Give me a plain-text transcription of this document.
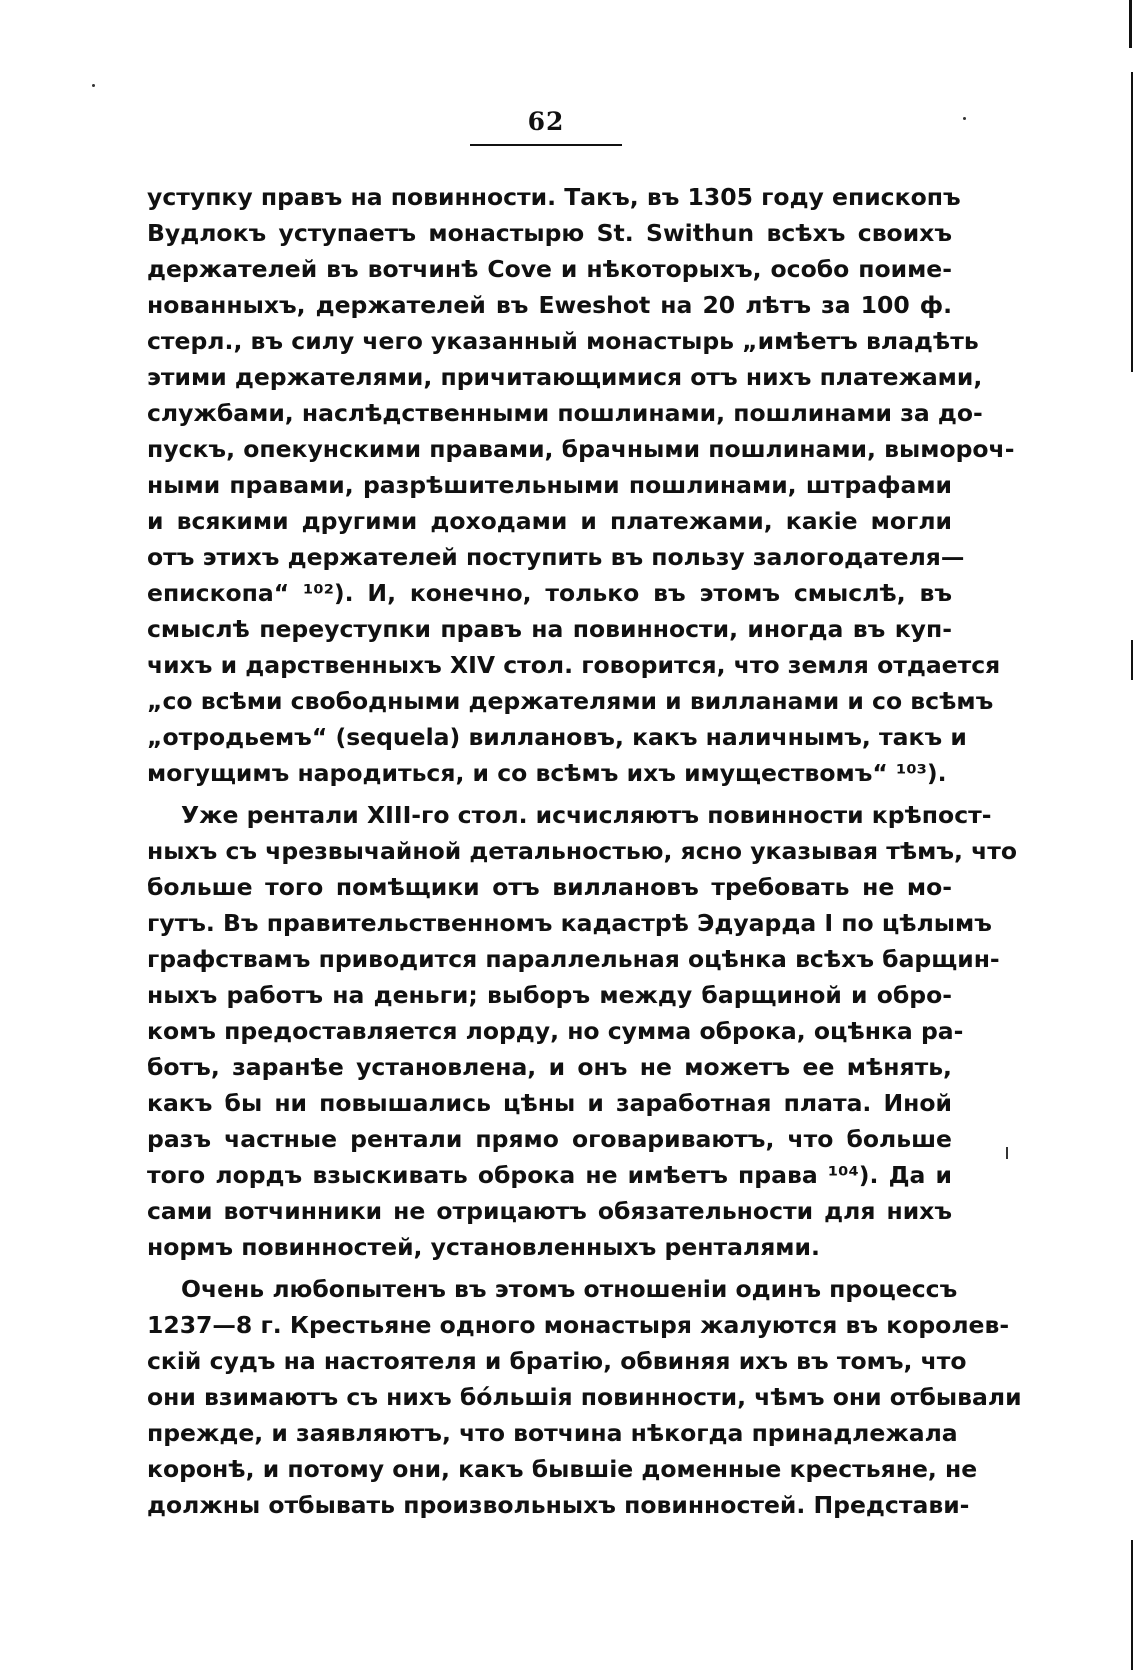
62
уступку правъ на повинности. Такъ, въ 1305 году епископъ
Вудлокъ уступаетъ монастырю St. Swithun всѣхъ своихъ
держателей въ вотчинѣ Cove и нѣкоторыхъ, особо поиме-
нованныхъ, держателей въ Eweshot на 20 лѣтъ за 100 ф.
стерл., въ силу чего указанный монастырь „имѣетъ владѣть
этими держателями, причитающимися отъ нихъ платежами,
службами, наслѣдственными пошлинами, пошлинами за до-
пускъ, опекунскими правами, брачными пошлинами, выморoч-
ными правами, разрѣшительными пошлинами, штрафами
и всякими другими доходами и платежами, какіе могли
отъ этихъ держателей поступить въ пользу залогодателя—
епископа“ ¹⁰²). И, конечно, только въ этомъ смыслѣ, въ
смыслѣ переуступки правъ на повинности, иногда въ куп-
чихъ и дарственныхъ XIV стол. говорится, что земля отдается
„со всѣми свободными держателями и вилланами и со всѣмъ
„отродьемъ“ (sequela) вилланoвъ, какъ наличнымъ, такъ и
могущимъ народиться, и со всѣмъ ихъ имуществомъ“ ¹⁰³).
Уже рентали XIII-го стол. исчисляютъ повинности крѣпост-
ныхъ съ чрезвычайной детальностью, ясно указывая тѣмъ, что
больше того помѣщики отъ вилланoвъ требовать не мо-
гутъ. Въ правительственномъ кадастрѣ Эдуарда I по цѣлымъ
графствамъ приводится параллельная оцѣнка всѣхъ барщин-
ныхъ работъ на деньги; выборъ между барщиной и обро-
комъ предоставляется лорду, но сумма оброка, оцѣнка ра-
ботъ, заранѣе установлена, и онъ не можетъ ее мѣнять,
какъ бы ни повышались цѣны и заработная плата. Иной
разъ частные рентали прямо оговариваютъ, что больше
того лордъ взыскивать оброка не имѣетъ права ¹⁰⁴). Да и
сами вотчинники не отрицаютъ обязательности для нихъ
нормъ повинностей, установленныхъ ренталями.
Очень любопытенъ въ этомъ отношеніи одинъ процессъ
1237—8 г. Крестьяне одного монастыря жалуются въ королев-
скій судъ на настоятеля и братію, обвиняя ихъ въ томъ, что
они взимаютъ съ нихъ бóльшія повинности, чѣмъ они отбывали
прежде, и заявляютъ, что вотчина нѣкогда принадлежала
коронѣ, и потому они, какъ бывшіе доменные крестьяне, не
должны отбывать произвольныхъ повинностей. Представи-
